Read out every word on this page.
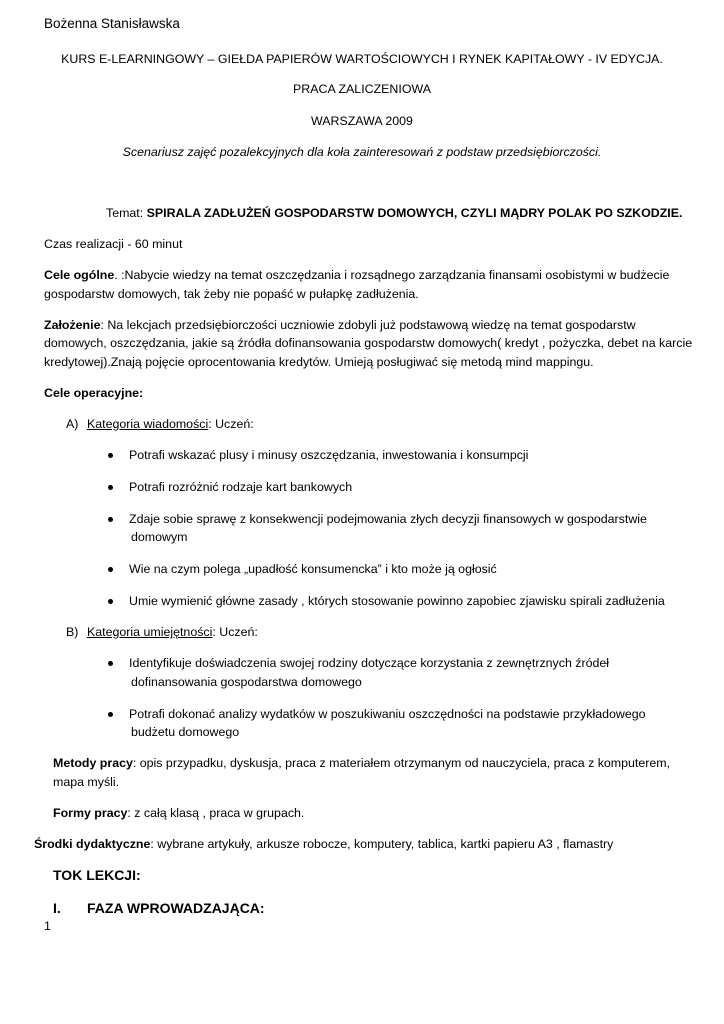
Bożenna Stanisławska
KURS E-LEARNINGOWY – GIEŁDA PAPIERÓW WARTOŚCIOWYCH I RYNEK KAPITAŁOWY - IV EDYCJA.
PRACA ZALICZENIOWA
WARSZAWA 2009
Scenariusz zajęć pozalekcyjnych dla koła zainteresowań z podstaw przedsiębiorczości.
Temat: SPIRALA ZADŁUŻEŃ GOSPODARSTW DOMOWYCH, CZYLI MĄDRY POLAK PO SZKODZIE.
Czas realizacji - 60 minut
Cele ogólne. :Nabycie wiedzy na temat oszczędzania i rozsądnego zarządzania finansami osobistymi w budżecie
gospodarstw domowych, tak żeby nie popaść w pułapkę zadłużenia.
Założenie: Na lekcjach przedsiębiorczości uczniowie zdobyli już podstawową wiedzę na temat gospodarstw
domowych, oszczędzania, jakie są źródła dofinansowania gospodarstw domowych( kredyt , pożyczka, debet na karcie
kredytowej).Znają pojęcie oprocentowania kredytów. Umieją posługiwać się metodą mind mappingu.
Cele operacyjne:
A) Kategoria wiadomości: Uczeń:
Potrafi wskazać plusy i minusy oszczędzania, inwestowania i konsumpcji
Potrafi rozróżnić rodzaje kart bankowych
Zdaje sobie sprawę z konsekwencji podejmowania złych decyzji finansowych w gospodarstwie
domowym
Wie na czym polega „upadłość konsumencka” i kto może ją ogłosić
Umie wymienić główne zasady , których stosowanie powinno zapobiec zjawisku spirali zadłużenia
B) Kategoria umiejętności: Uczeń:
Identyfikuje doświadczenia swojej rodziny dotyczące korzystania z zewnętrznych źródeł
dofinansowania gospodarstwa domowego
Potrafi dokonać analizy wydatków w poszukiwaniu oszczędności na podstawie przykładowego
budżetu domowego
Metody pracy: opis przypadku, dyskusja, praca z materiałem otrzymanym od nauczyciela, praca z komputerem,
mapa myśli.
Formy pracy: z całą klasą , praca w grupach.
Środki dydaktyczne: wybrane artykuły, arkusze robocze, komputery, tablica, kartki papieru A3 , flamastry
TOK LEKCJI:
I. FAZA WPROWADZAJĄCA:
1
